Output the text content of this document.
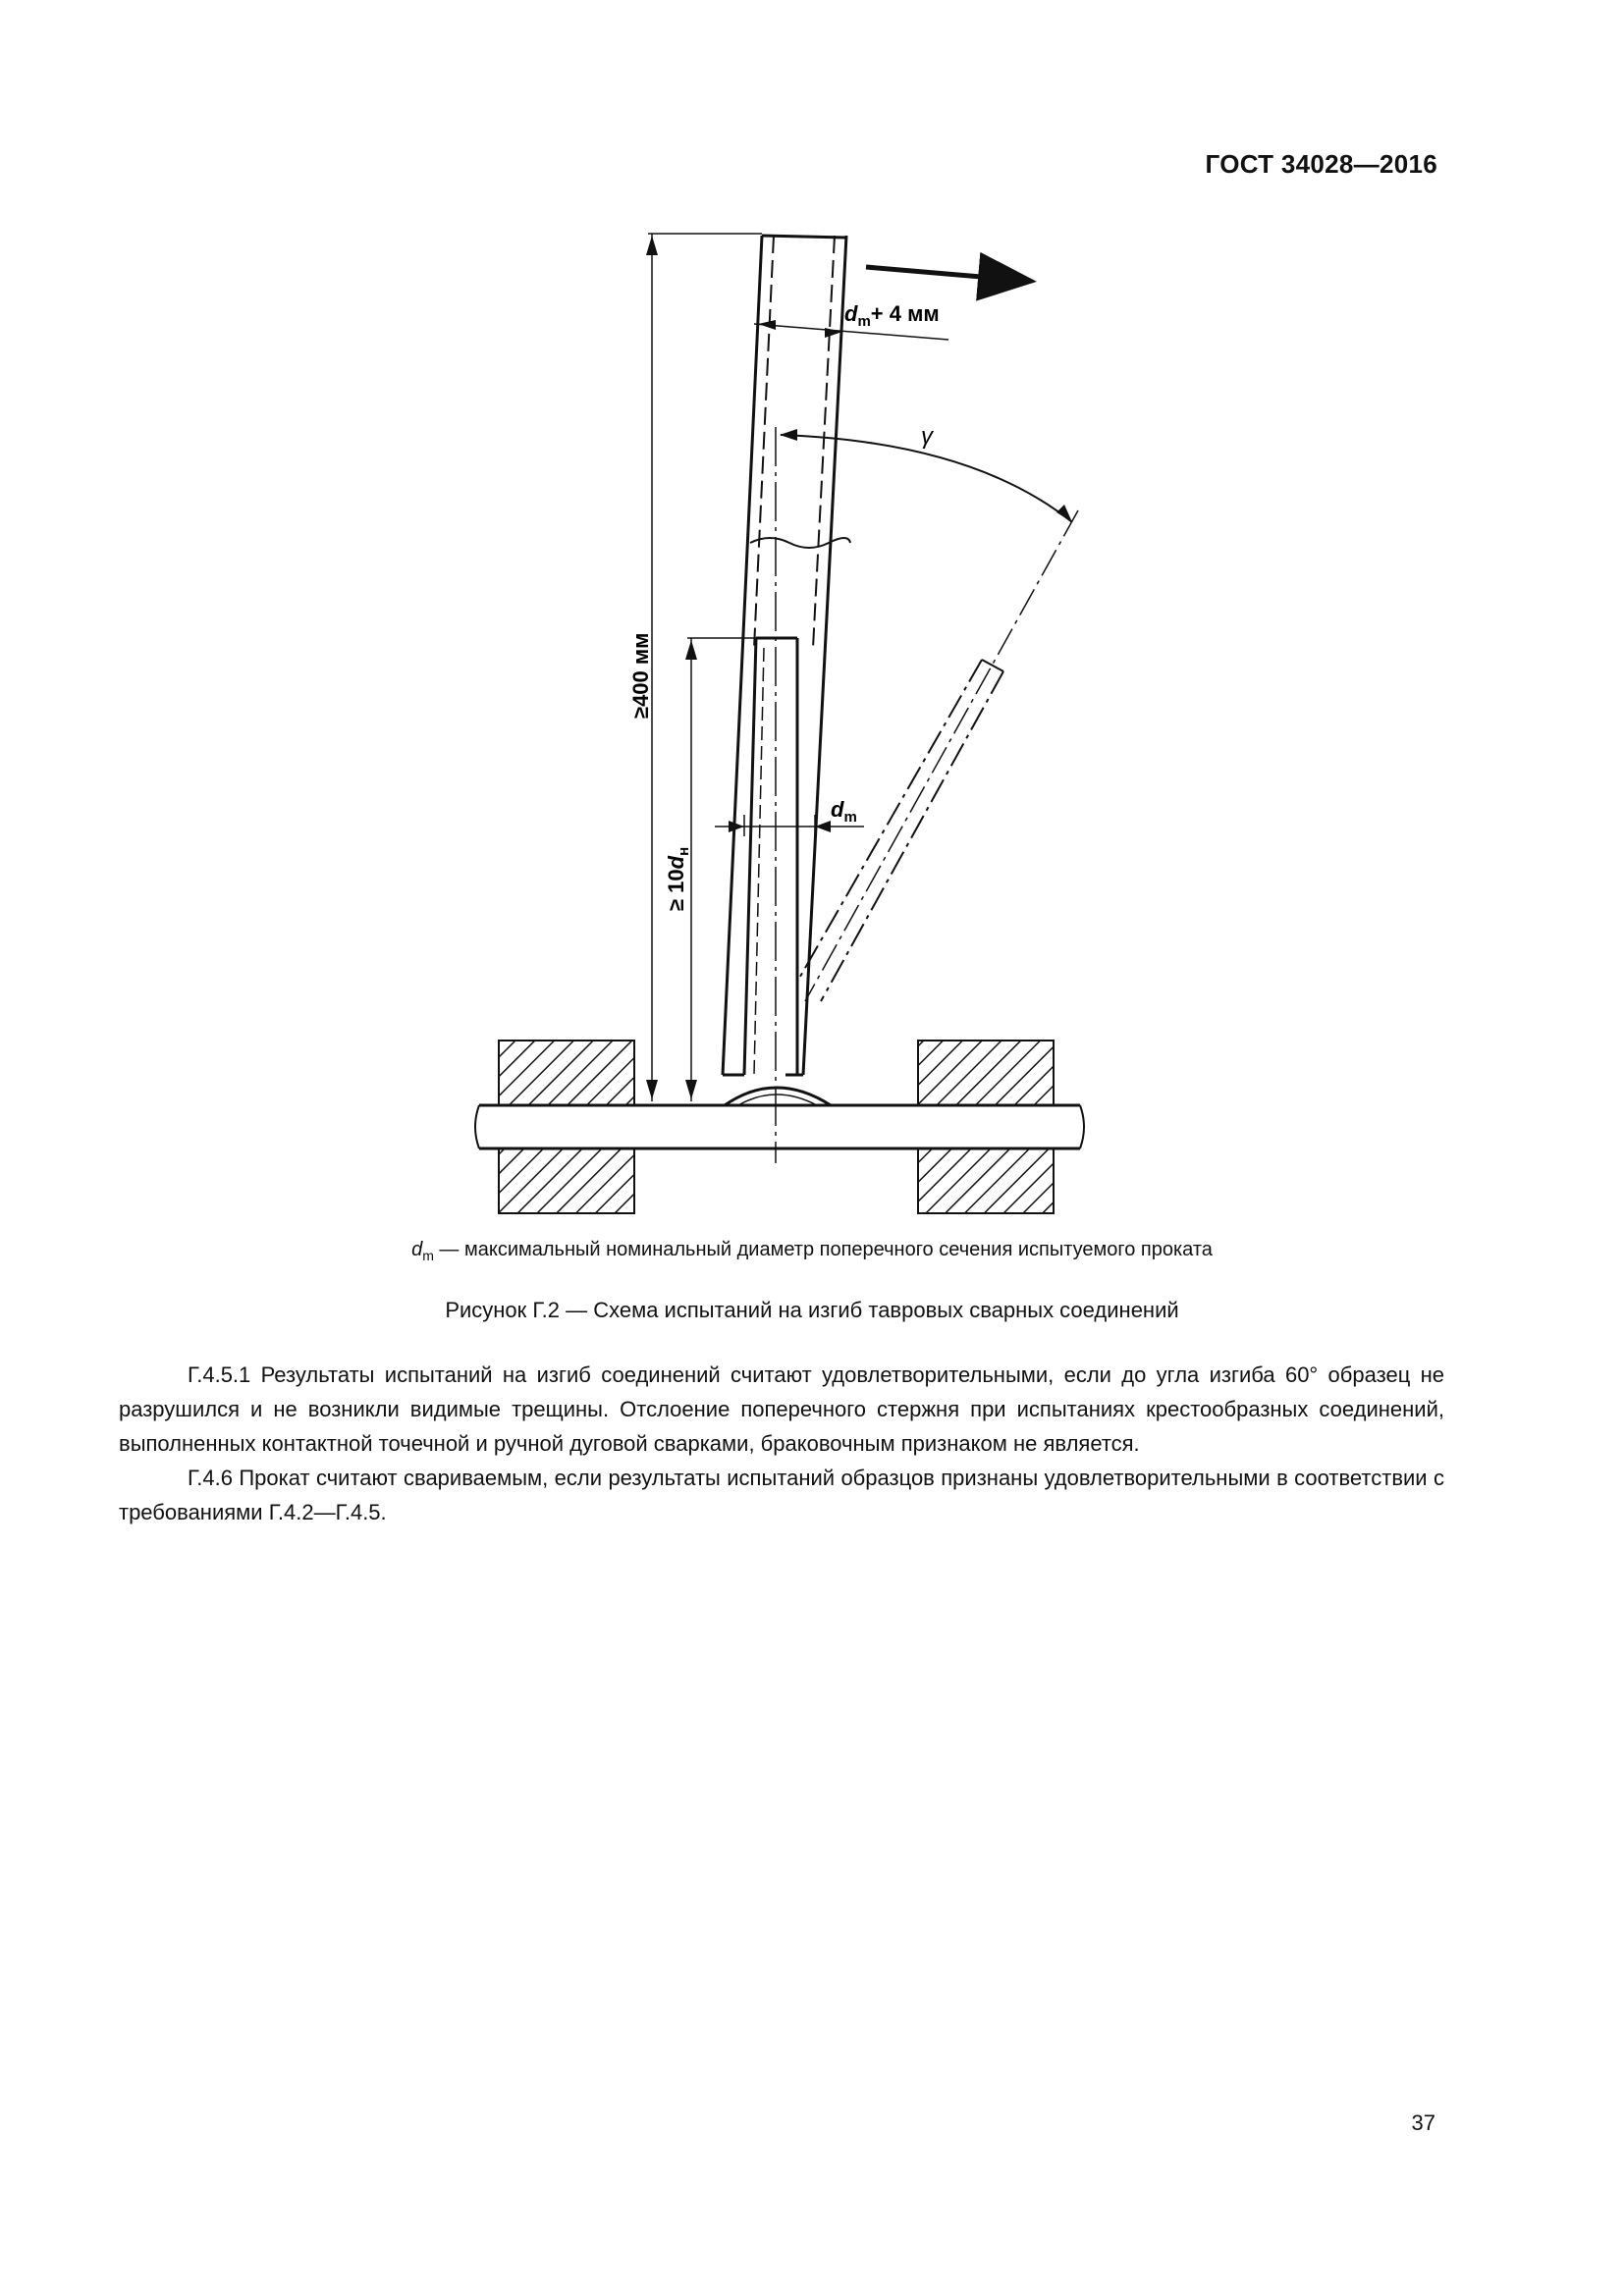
ГОСТ 34028—2016
$d_m+ 4$ мм
γ
≥400 мм
≥ $10d_н$
$d_m$
$d_m$ — максимальный номинальный диаметр поперечного сечения испытуемого проката
Рисунок Г.2 — Схема испытаний на изгиб тавровых сварных соединений

Г.4.5.1 Результаты испытаний на изгиб соединений считают удовлетворительными, если до угла изгиба 60° образец не разрушился и не возникли видимые трещины. Отслоение поперечного стержня при испытаниях крестообразных соединений, выполненных контактной точечной и ручной дуговой сварками, браковочным признаком не является.

Г.4.6 Прокат считают свариваемым, если результаты испытаний образцов признаны удовлетворительными в соответствии с требованиями Г.4.2—Г.4.5.

37
